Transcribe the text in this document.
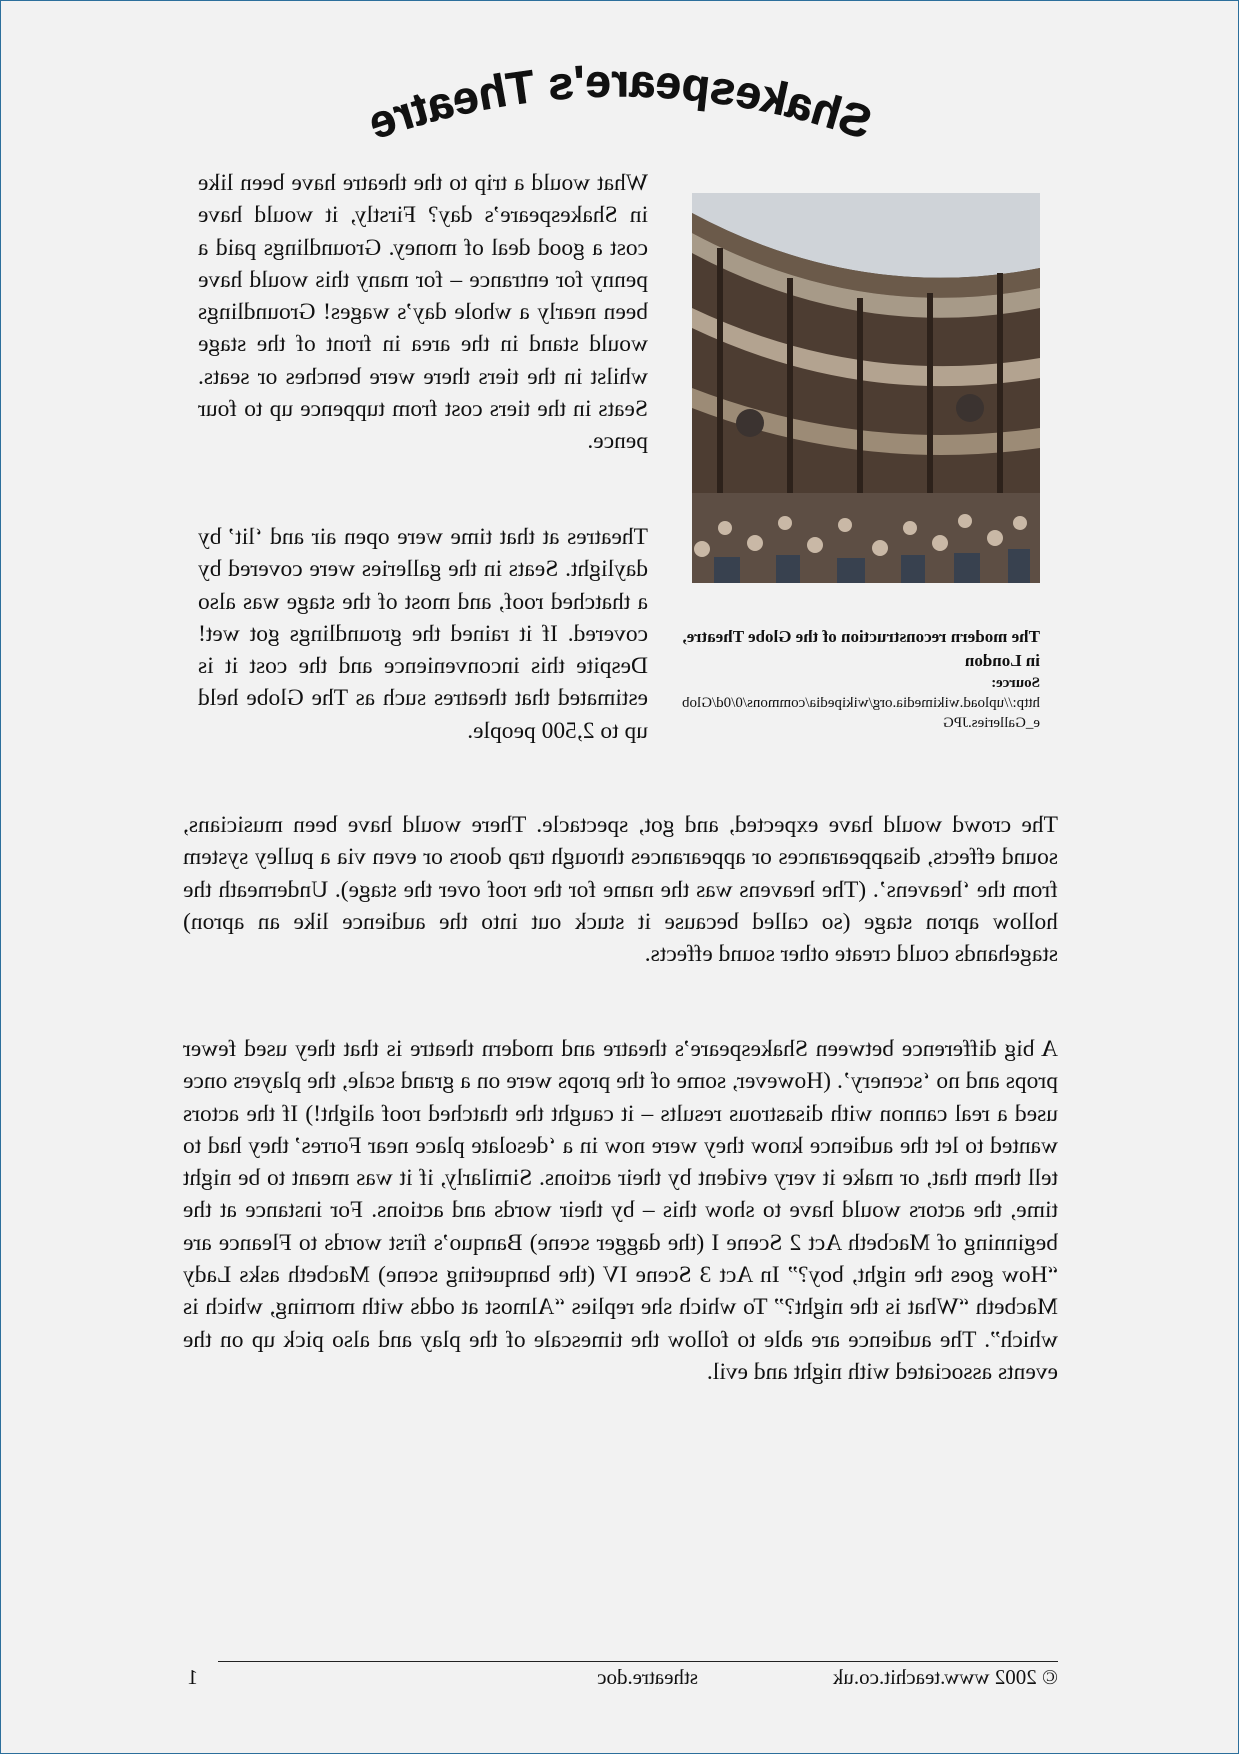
Shakespeare's Theatre

What would a trip to the theatre have been like in Shakespeare’s day? Firstly, it would have cost a good deal of money. Groundlings paid a penny for entrance – for many this would have been nearly a whole day’s wages! Groundlings would stand in the area in front of the stage whilst in the tiers there were benches or seats. Seats in the tiers cost from tuppence up to four pence.

Theatres at that time were open air and ‘lit’ by daylight. Seats in the galleries were covered by a thatched roof, and most of the stage was also covered. If it rained the groundlings got wet! Despite this inconvenience and the cost it is estimated that theatres such as The Globe held up to 2,500 people.

The modern reconstruction of the Globe Theatre, in London
Source:
http://upload.wikimedia.org/wikipedia/commons/0/0d/Globe_Galleries.JPG

The crowd would have expected, and got, spectacle. There would have been musicians, sound effects, disappearances or appearances through trap doors or even via a pulley system from the ‘heavens’. (The heavens was the name for the roof over the stage). Underneath the hollow apron stage (so called because it stuck out into the audience like an apron) stagehands could create other sound effects.

A big difference between Shakespeare’s theatre and modern theatre is that they used fewer props and no ‘scenery’. (However, some of the props were on a grand scale, the players once used a real cannon with disastrous results – it caught the thatched roof alight!) If the actors wanted to let the audience know they were now in a ‘desolate place near Forres’ they had to tell them that, or make it very evident by their actions. Similarly, if it was meant to be night time, the actors would have to show this – by their words and actions. For instance at the beginning of Macbeth Act 2 Scene I (the dagger scene) Banquo’s first words to Fleance are “How goes the night, boy?” In Act 3 Scene IV (the banqueting scene) Macbeth asks Lady Macbeth “What is the night?” To which she replies “Almost at odds with morning, which is which”. The audience are able to follow the timescale of the play and also pick up on the events associated with night and evil.

© 2002 www.teachit.co.uk
stheatre.doc
1
